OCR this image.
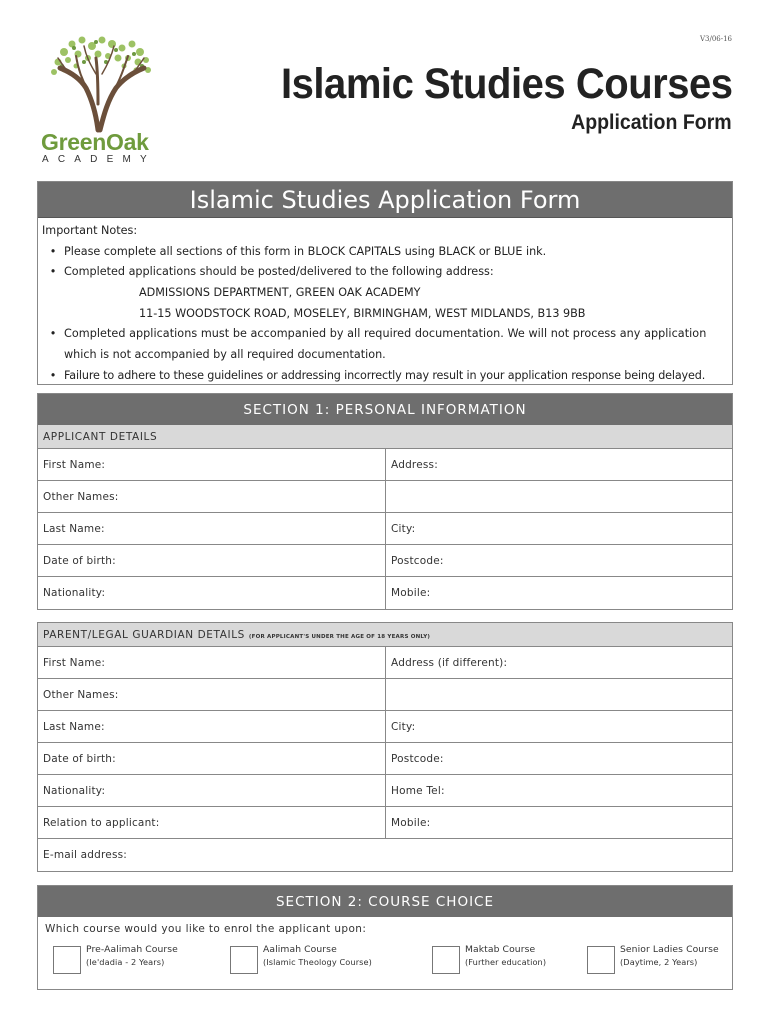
GreenOak
ACADEMY
V3/06-16
Islamic Studies Courses
Application Form
Islamic Studies Application Form
Important Notes:
• Please complete all sections of this form in BLOCK CAPITALS using BLACK or BLUE ink.
• Completed applications should be posted/delivered to the following address:
ADMISSIONS DEPARTMENT, GREEN OAK ACADEMY
11-15 WOODSTOCK ROAD, MOSELEY, BIRMINGHAM, WEST MIDLANDS, B13 9BB
• Completed applications must be accompanied by all required documentation. We will not process any application
which is not accompanied by all required documentation.
• Failure to adhere to these guidelines or addressing incorrectly may result in your application response being delayed.
SECTION 1: PERSONAL INFORMATION
APPLICANT DETAILS
First Name:	Address:
Other Names:
Last Name:	City:
Date of birth:	Postcode:
Nationality:	Mobile:
PARENT/LEGAL GUARDIAN DETAILS (FOR APPLICANT'S UNDER THE AGE OF 18 YEARS ONLY)
First Name:	Address (if different):
Other Names:
Last Name:	City:
Date of birth:	Postcode:
Nationality:	Home Tel:
Relation to applicant:	Mobile:
E-mail address:
SECTION 2: COURSE CHOICE
Which course would you like to enrol the applicant upon:
Pre-Aalimah Course
(Ie'dadia - 2 Years)
Aalimah Course
(Islamic Theology Course)
Maktab Course
(Further education)
Senior Ladies Course
(Daytime, 2 Years)
